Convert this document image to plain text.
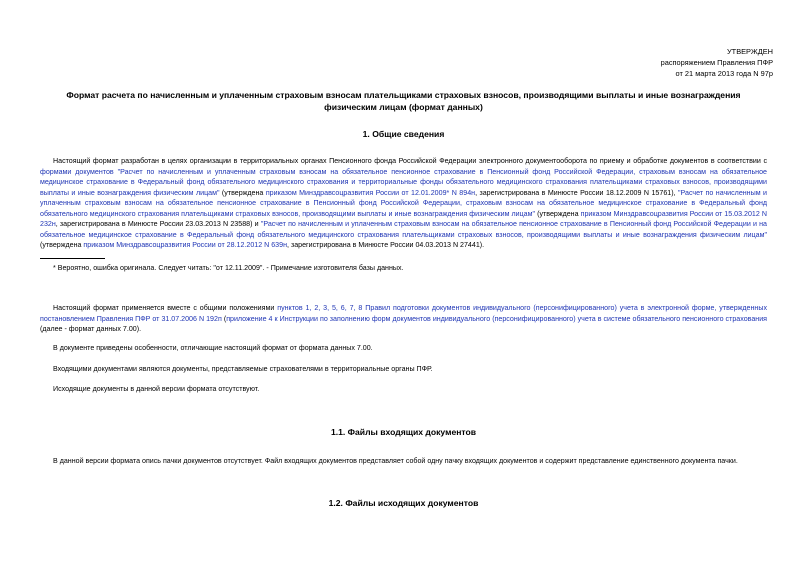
УТВЕРЖДЕН
распоряжением Правления ПФР
от 21 марта 2013 года N 97р
Формат расчета по начисленным и уплаченным страховым взносам плательщиками страховых взносов, производящими выплаты и иные вознаграждения физическим лицам (формат данных)
1. Общие сведения
Настоящий формат разработан в целях организации в территориальных органах Пенсионного фонда Российской Федерации электронного документооборота по приему и обработке документов в соответствии с формами документов "Расчет по начисленным и уплаченным страховым взносам на обязательное пенсионное страхование в Пенсионный фонд Российской Федерации, страховым взносам на обязательное медицинское страхование в Федеральный фонд обязательного медицинского страхования и территориальные фонды обязательного медицинского страхования плательщиками страховых взносов, производящими выплаты и иные вознаграждения физическим лицам" (утверждена приказом Минздравсоцразвития России от 12.01.2009* N 894н, зарегистрирована в Минюсте России 18.12.2009 N 15761), "Расчет по начисленным и уплаченным страховым взносам на обязательное пенсионное страхование в Пенсионный фонд Российской Федерации, страховым взносам на обязательное медицинское страхование в Федеральный фонд обязательного медицинского страхования плательщиками страховых взносов, производящими выплаты и иные вознаграждения физическим лицам" (утверждена приказом Минздравсоцразвития России от 15.03.2012 N 232н, зарегистрирована в Минюсте России 23.03.2013 N 23588) и "Расчет по начисленным и уплаченным страховым взносам на обязательное пенсионное страхование в Пенсионный фонд Российской Федерации и на обязательное медицинское страхование в Федеральный фонд обязательного медицинского страхования плательщиками страховых взносов, производящими выплаты и иные вознаграждения физическим лицам" (утверждена приказом Минздравсоцразвития России от 28.12.2012 N 639н, зарегистрирована в Минюсте России 04.03.2013 N 27441).
* Вероятно, ошибка оригинала. Следует читать: "от 12.11.2009". - Примечание изготовителя базы данных.
Настоящий формат применяется вместе с общими положениями пунктов 1, 2, 3, 5, 6, 7, 8 Правил подготовки документов индивидуального (персонифицированного) учета в электронной форме, утвержденных постановлением Правления ПФР от 31.07.2006 N 192п (приложение 4 к Инструкции по заполнению форм документов индивидуального (персонифицированного) учета в системе обязательного пенсионного страхования (далее - формат данных 7.00).
В документе приведены особенности, отличающие настоящий формат от формата данных 7.00.
Входящими документами являются документы, представляемые страхователями в территориальные органы ПФР.
Исходящие документы в данной версии формата отсутствуют.
1.1. Файлы входящих документов
В данной версии формата опись пачки документов отсутствует. Файл входящих документов представляет собой одну пачку входящих документов и содержит представление единственного документа пачки.
1.2. Файлы исходящих документов
